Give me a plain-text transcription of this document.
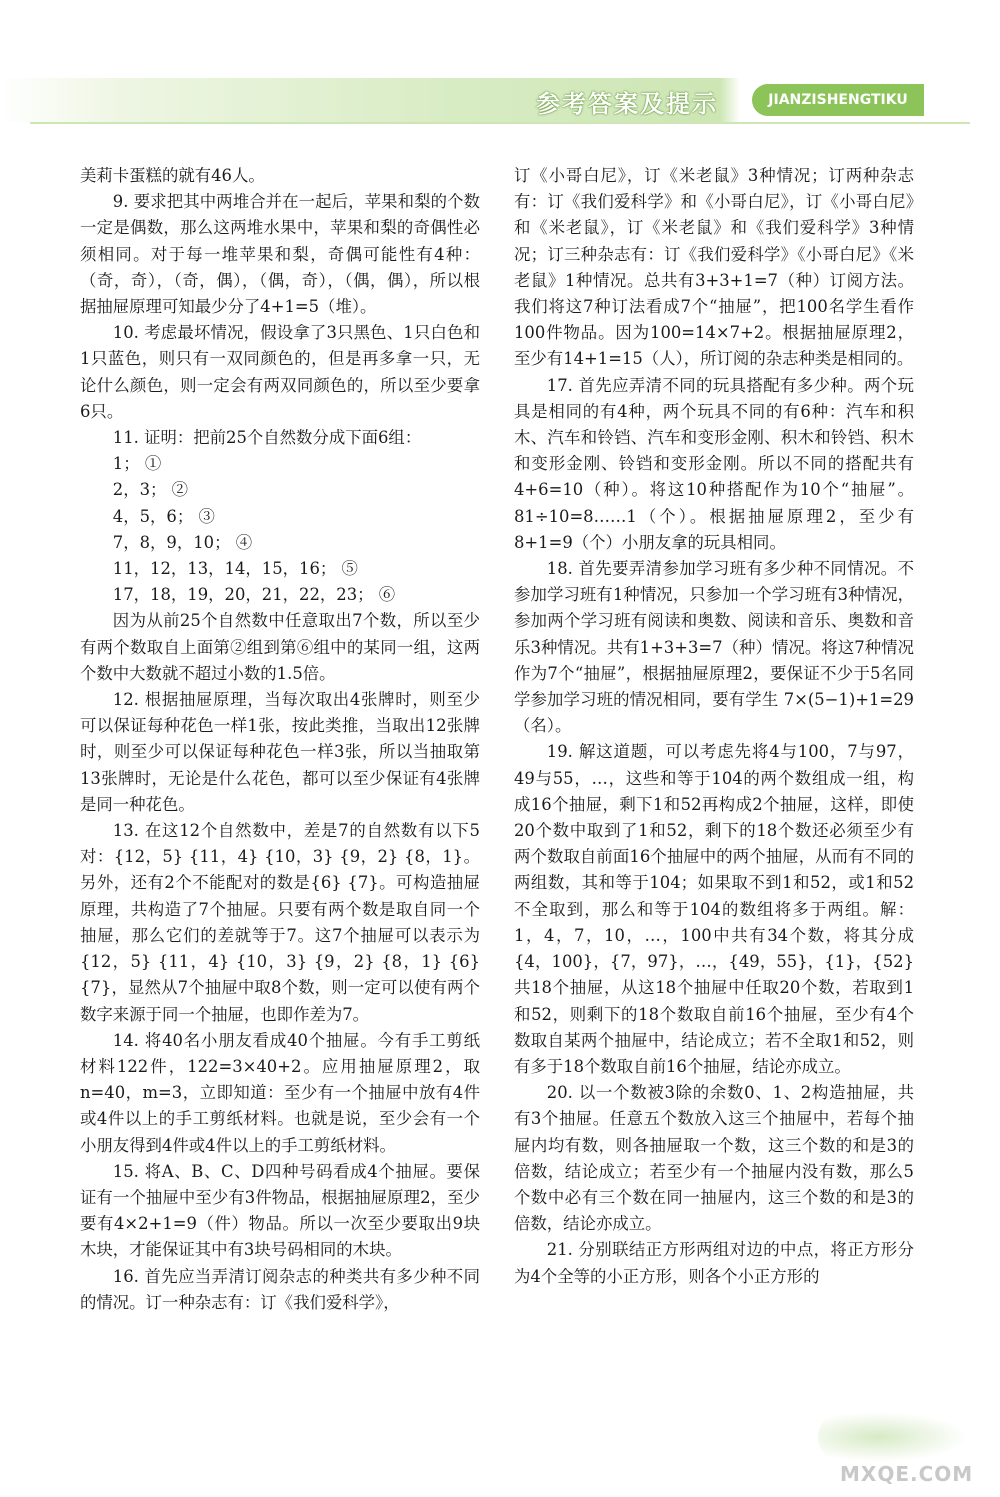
参考答案及提示	JIANZISHENGTIKU

美莉卡蛋糕的就有46人。

9. 要求把其中两堆合并在一起后，苹果和梨的个数一定是偶数，那么这两堆水果中，苹果和梨的奇偶性必须相同。对于每一堆苹果和梨，奇偶可能性有4种：（奇，奇），（奇，偶），（偶，奇），（偶，偶），所以根据抽屉原理可知最少分了4+1=5（堆）。

10. 考虑最坏情况，假设拿了3只黑色、1只白色和1只蓝色，则只有一双同颜色的，但是再多拿一只，无论什么颜色，则一定会有两双同颜色的，所以至少要拿6只。

11. 证明：把前25个自然数分成下面6组：

1； ①

2，3； ②

4，5，6； ③

7，8，9，10； ④

11，12，13，14，15，16； ⑤

17，18，19，20，21，22，23； ⑥

因为从前25个自然数中任意取出7个数，所以至少有两个数取自上面第②组到第⑥组中的某同一组，这两个数中大数就不超过小数的1.5倍。

12. 根据抽屉原理，当每次取出4张牌时，则至少可以保证每种花色一样1张，按此类推，当取出12张牌时，则至少可以保证每种花色一样3张，所以当抽取第13张牌时，无论是什么花色，都可以至少保证有4张牌是同一种花色。

13. 在这12个自然数中，差是7的自然数有以下5对：{12，5} {11，4} {10，3} {9，2} {8，1}。另外，还有2个不能配对的数是{6} {7}。可构造抽屉原理，共构造了7个抽屉。只要有两个数是取自同一个抽屉，那么它们的差就等于7。这7个抽屉可以表示为{12，5} {11，4} {10，3} {9，2} {8，1} {6} {7}，显然从7个抽屉中取8个数，则一定可以使有两个数字来源于同一个抽屉，也即作差为7。

14. 将40名小朋友看成40个抽屉。今有手工剪纸材料122件，122=3×40+2。应用抽屉原理2，取n=40，m=3，立即知道：至少有一个抽屉中放有4件或4件以上的手工剪纸材料。也就是说，至少会有一个小朋友得到4件或4件以上的手工剪纸材料。

15. 将A、B、C、D四种号码看成4个抽屉。要保证有一个抽屉中至少有3件物品，根据抽屉原理2，至少要有4×2+1=9（件）物品。所以一次至少要取出9块木块，才能保证其中有3块号码相同的木块。

16. 首先应当弄清订阅杂志的种类共有多少种不同的情况。订一种杂志有：订《我们爱科学》，

订《小哥白尼》，订《米老鼠》3种情况；订两种杂志有：订《我们爱科学》和《小哥白尼》，订《小哥白尼》和《米老鼠》，订《米老鼠》和《我们爱科学》3种情况；订三种杂志有：订《我们爱科学》《小哥白尼》《米老鼠》1种情况。总共有3+3+1=7（种）订阅方法。我们将这7种订法看成7个“抽屉”，把100名学生看作100件物品。因为100=14×7+2。根据抽屉原理2，至少有14+1=15（人），所订阅的杂志种类是相同的。

17. 首先应弄清不同的玩具搭配有多少种。两个玩具是相同的有4种，两个玩具不同的有6种：汽车和积木、汽车和铃铛、汽车和变形金刚、积木和铃铛、积木和变形金刚、铃铛和变形金刚。所以不同的搭配共有4+6=10（种）。将这10种搭配作为10个“抽屉”。81÷10=8……1（个）。根据抽屉原理2，至少有8+1=9（个）小朋友拿的玩具相同。

18. 首先要弄清参加学习班有多少种不同情况。不参加学习班有1种情况，只参加一个学习班有3种情况，参加两个学习班有阅读和奥数、阅读和音乐、奥数和音乐3种情况。共有1+3+3=7（种）情况。将这7种情况作为7个“抽屉”，根据抽屉原理2，要保证不少于5名同学参加学习班的情况相同，要有学生 7×(5−1)+1=29（名）。

19. 解这道题，可以考虑先将4与100，7与97，49与55，…，这些和等于104的两个数组成一组，构成16个抽屉，剩下1和52再构成2个抽屉，这样，即使20个数中取到了1和52，剩下的18个数还必须至少有两个数取自前面16个抽屉中的两个抽屉，从而有不同的两组数，其和等于104；如果取不到1和52，或1和52不全取到，那么和等于104的数组将多于两组。解：1，4，7，10，…，100中共有34个数，将其分成{4，100}，{7，97}，…，{49，55}，{1}，{52}共18个抽屉，从这18个抽屉中任取20个数，若取到1和52，则剩下的18个数取自前16个抽屉，至少有4个数取自某两个抽屉中，结论成立；若不全取1和52，则有多于18个数取自前16个抽屉，结论亦成立。

20. 以一个数被3除的余数0、1、2构造抽屉，共有3个抽屉。任意五个数放入这三个抽屉中，若每个抽屉内均有数，则各抽屉取一个数，这三个数的和是3的倍数，结论成立；若至少有一个抽屉内没有数，那么5个数中必有三个数在同一抽屉内，这三个数的和是3的倍数，结论亦成立。

21. 分别联结正方形两组对边的中点，将正方形分为4个全等的小正方形，则各个小正方形的

MXQE.COM
